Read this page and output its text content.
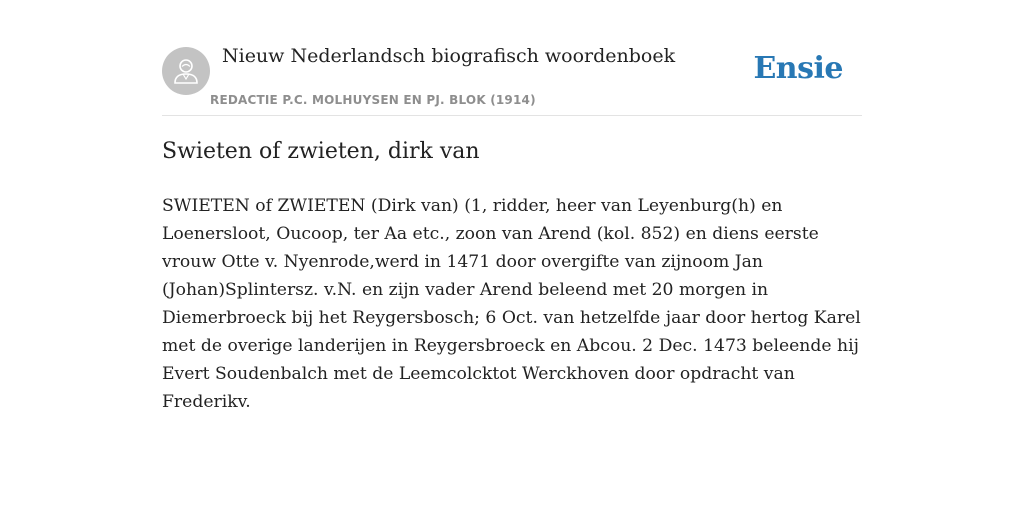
Nieuw Nederlandsch biografisch woordenboek
REDACTIE P.C. MOLHUYSEN EN PJ. BLOK (1914)
Ensie
Swieten of zwieten, dirk van

SWIETEN of ZWIETEN (Dirk van) (1, ridder, heer van Leyenburg(h) en Loenersloot, Oucoop, ter Aa etc., zoon van Arend (kol. 852) en diens eerste vrouw Otte v. Nyenrode,werd in 1471 door overgifte van zijnoom Jan (Johan)Splintersz. v.N. en zijn vader Arend beleend met 20 morgen in Diemerbroeck bij het Reygersbosch; 6 Oct. van hetzelfde jaar door hertog Karel met de overige landerijen in Reygersbroeck en Abcou. 2 Dec. 1473 beleende hij Evert Soudenbalch met de Leemcolcktot Werckhoven door opdracht van Frederikv.
